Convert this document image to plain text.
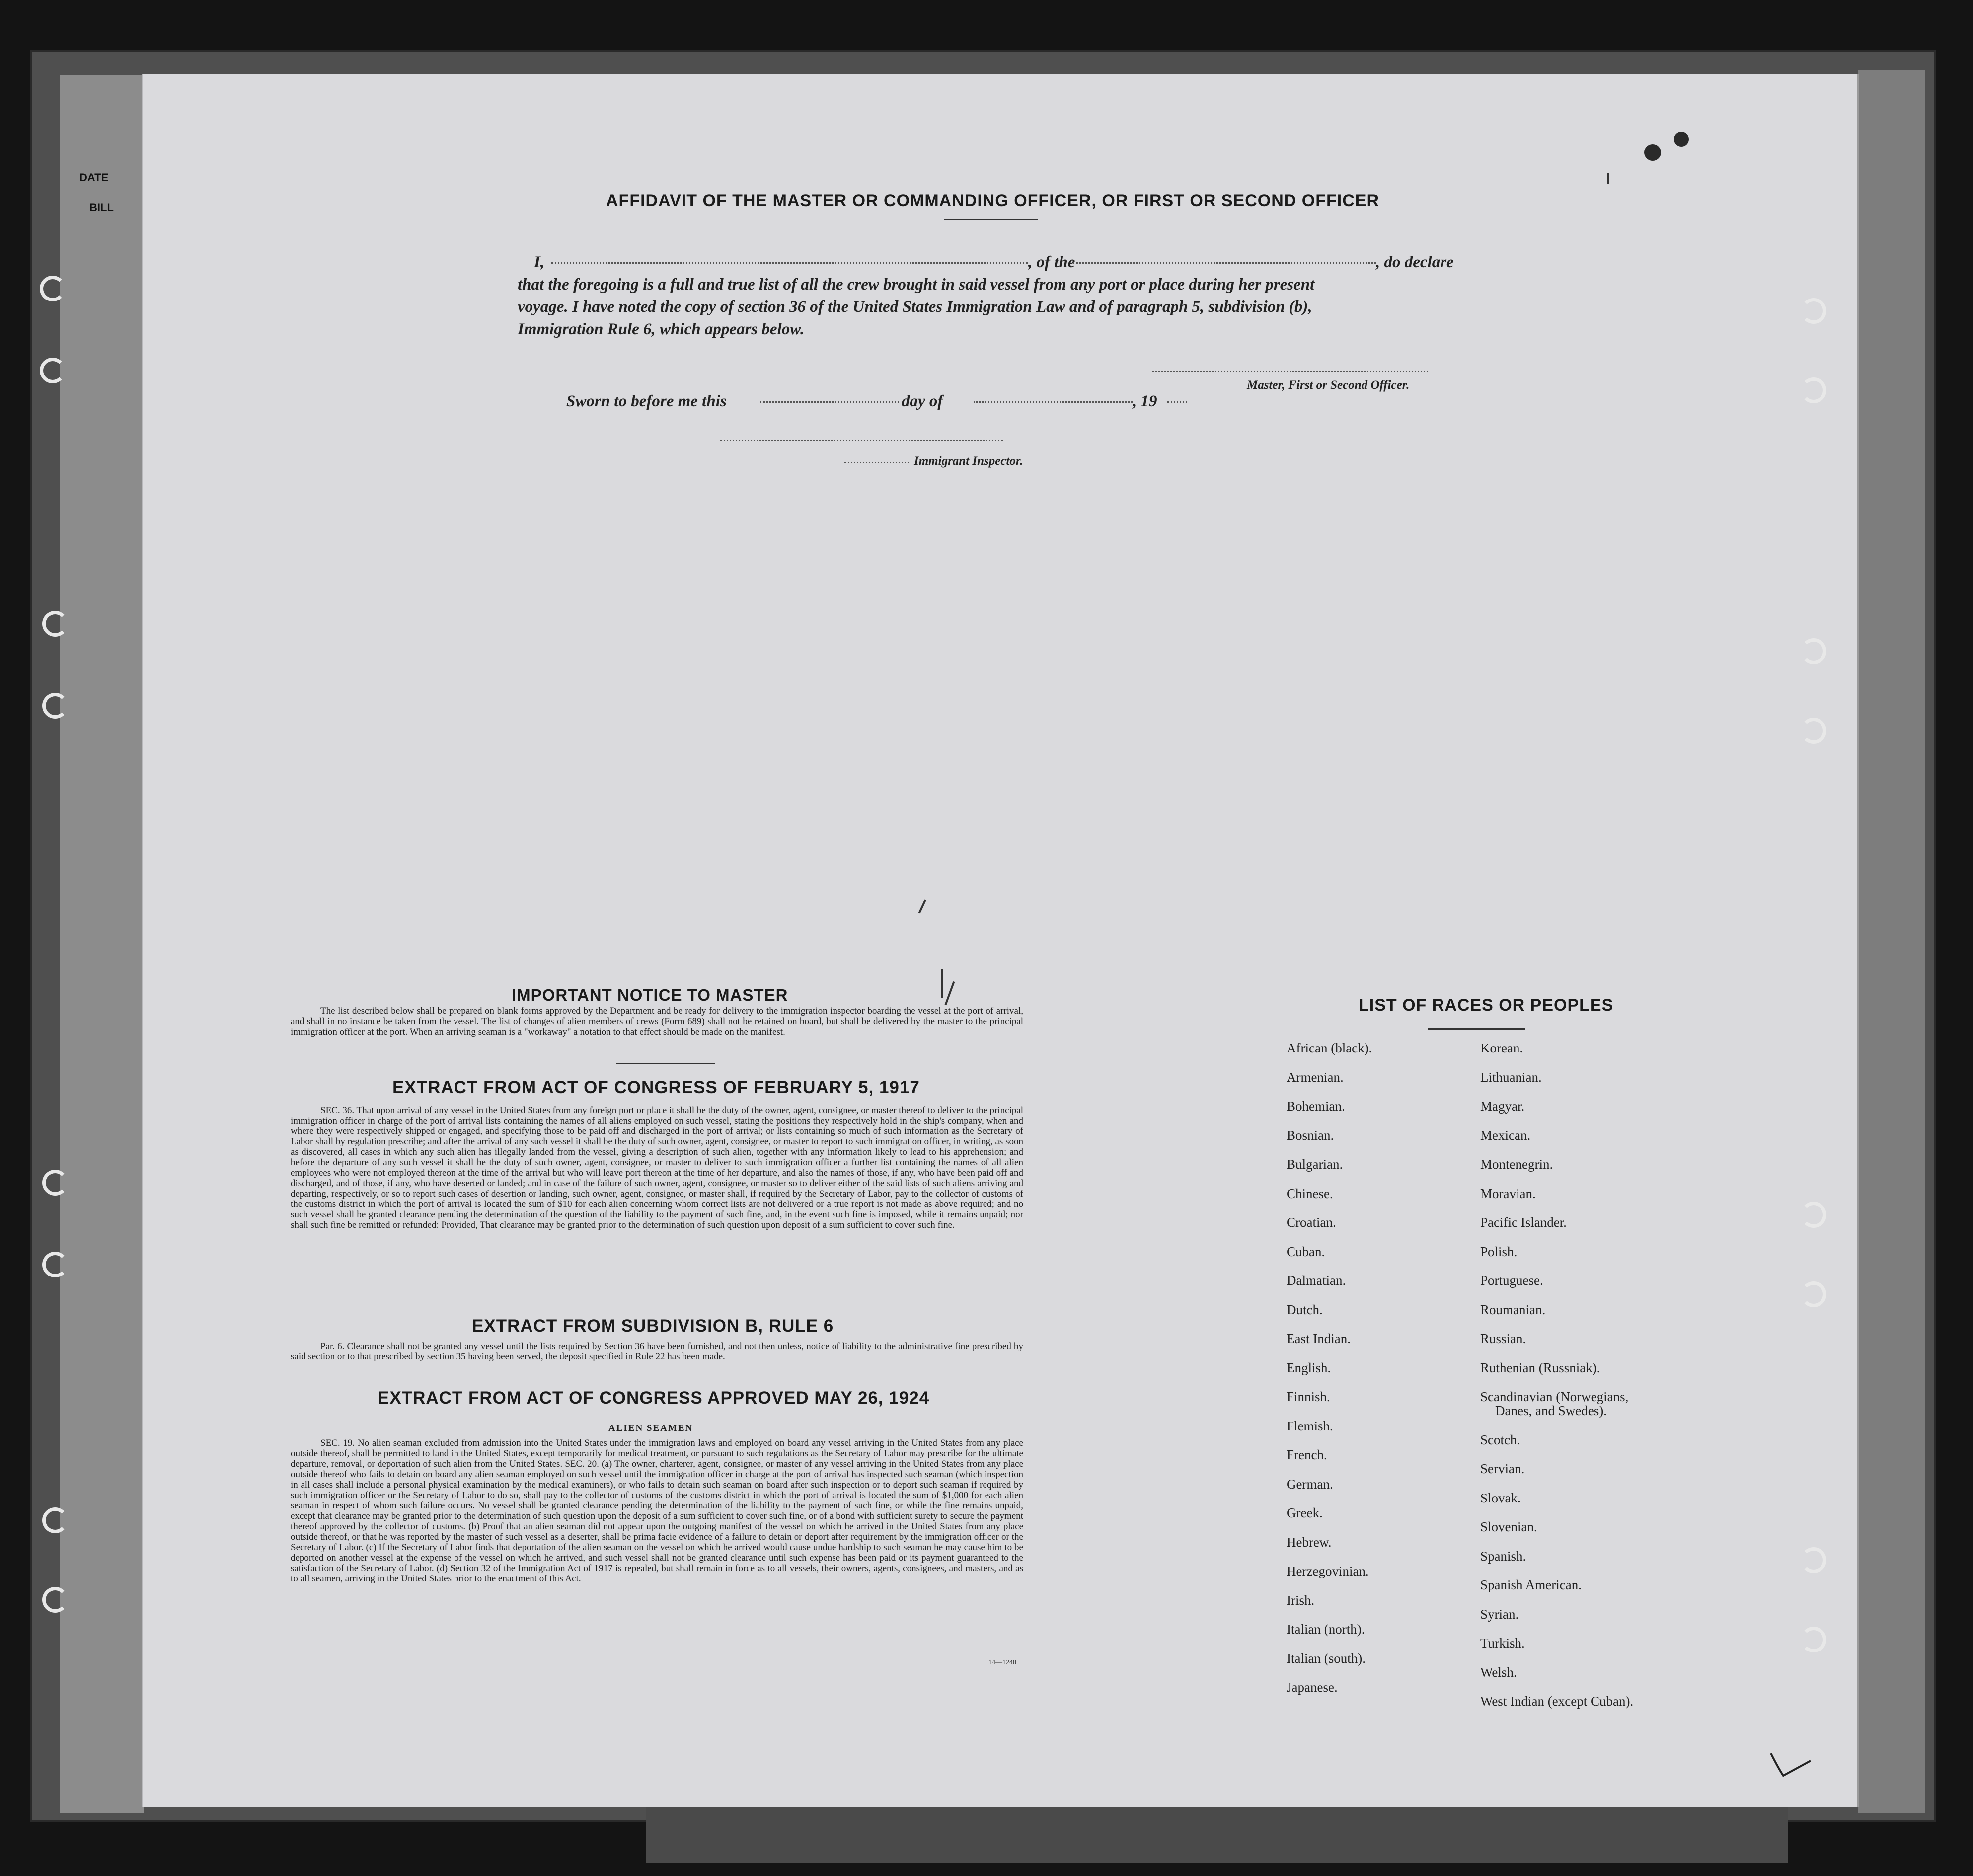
DATE
BILL	AFFIDAVIT OF THE MASTER OR COMMANDING OFFICER, OR FIRST OR SECOND OFFICER
I,	, of the	, do declare
that the foregoing is a full and true list of all the crew brought in said vessel from any port or place during her present
voyage. I have noted the copy of section 36 of the United States Immigration Law and of paragraph 5, subdivision (b),
Immigration Rule 6, which appears below.
Master, First or Second Officer.
Sworn to before me this	day of	, 19
Immigrant Inspector.
IMPORTANT NOTICE TO MASTER
The list described below shall be prepared on blank forms approved by the Department and be ready for delivery to the immigration inspector boarding the vessel at the port of arrival, and shall in no instance be taken from the vessel. The list of changes of alien members of crews (Form 689) shall not be retained on board, but shall be delivered by the master to the principal immigration officer at the port. When an arriving seaman is a "workaway" a notation to that effect should be made on the manifest.
EXTRACT FROM ACT OF CONGRESS OF FEBRUARY 5, 1917
SEC. 36. That upon arrival of any vessel in the United States from any foreign port or place it shall be the duty of the owner, agent, consignee, or master thereof to deliver to the principal immigration officer in charge of the port of arrival lists containing the names of all aliens employed on such vessel, stating the positions they respectively hold in the ship's company, when and where they were respectively shipped or engaged, and specifying those to be paid off and discharged in the port of arrival; or lists containing so much of such information as the Secretary of Labor shall by regulation prescribe; and after the arrival of any such vessel it shall be the duty of such owner, agent, consignee, or master to report to such immigration officer, in writing, as soon as discovered, all cases in which any such alien has illegally landed from the vessel, giving a description of such alien, together with any information likely to lead to his apprehension; and before the departure of any such vessel it shall be the duty of such owner, agent, consignee, or master to deliver to such immigration officer a further list containing the names of all alien employees who were not employed thereon at the time of the arrival but who will leave port thereon at the time of her departure, and also the names of those, if any, who have been paid off and discharged, and of those, if any, who have deserted or landed; and in case of the failure of such owner, agent, consignee, or master so to deliver either of the said lists of such aliens arriving and departing, respectively, or so to report such cases of desertion or landing, such owner, agent, consignee, or master shall, if required by the Secretary of Labor, pay to the collector of customs of the customs district in which the port of arrival is located the sum of $10 for each alien concerning whom correct lists are not delivered or a true report is not made as above required; and no such vessel shall be granted clearance pending the determination of the question of the liability to the payment of such fine, and, in the event such fine is imposed, while it remains unpaid; nor shall such fine be remitted or refunded: Provided, That clearance may be granted prior to the determination of such question upon deposit of a sum sufficient to cover such fine.
EXTRACT FROM SUBDIVISION B, RULE 6
Par. 6. Clearance shall not be granted any vessel until the lists required by Section 36 have been furnished, and not then unless, notice of liability to the administrative fine prescribed by said section or to that prescribed by section 35 having been served, the deposit specified in Rule 22 has been made.
EXTRACT FROM ACT OF CONGRESS APPROVED MAY 26, 1924
ALIEN SEAMEN
SEC. 19. No alien seaman excluded from admission into the United States under the immigration laws and employed on board any vessel arriving in the United States from any place outside thereof, shall be permitted to land in the United States, except temporarily for medical treatment, or pursuant to such regulations as the Secretary of Labor may prescribe for the ultimate departure, removal, or deportation of such alien from the United States. SEC. 20. (a) The owner, charterer, agent, consignee, or master of any vessel arriving in the United States from any place outside thereof who fails to detain on board any alien seaman employed on such vessel until the immigration officer in charge at the port of arrival has inspected such seaman (which inspection in all cases shall include a personal physical examination by the medical examiners), or who fails to detain such seaman on board after such inspection or to deport such seaman if required by such immigration officer or the Secretary of Labor to do so, shall pay to the collector of customs of the customs district in which the port of arrival is located the sum of $1,000 for each alien seaman in respect of whom such failure occurs. No vessel shall be granted clearance pending the determination of the liability to the payment of such fine, or while the fine remains unpaid, except that clearance may be granted prior to the determination of such question upon the deposit of a sum sufficient to cover such fine, or of a bond with sufficient surety to secure the payment thereof approved by the collector of customs. (b) Proof that an alien seaman did not appear upon the outgoing manifest of the vessel on which he arrived in the United States from any place outside thereof, or that he was reported by the master of such vessel as a deserter, shall be prima facie evidence of a failure to detain or deport after requirement by the immigration officer or the Secretary of Labor. (c) If the Secretary of Labor finds that deportation of the alien seaman on the vessel on which he arrived would cause undue hardship to such seaman he may cause him to be deported on another vessel at the expense of the vessel on which he arrived, and such vessel shall not be granted clearance until such expense has been paid or its payment guaranteed to the satisfaction of the Secretary of Labor. (d) Section 32 of the Immigration Act of 1917 is repealed, but shall remain in force as to all vessels, their owners, agents, consignees, and masters, and as to all seamen, arriving in the United States prior to the enactment of this Act.
14—1240
LIST OF RACES OR PEOPLES
African (black).
Armenian.
Bohemian.
Bosnian.
Bulgarian.
Chinese.
Croatian.
Cuban.
Dalmatian.
Dutch.
East Indian.
English.
Finnish.
Flemish.
French.
German.
Greek.
Hebrew.
Herzegovinian.
Irish.
Italian (north).
Italian (south).
Japanese.
Korean.
Lithuanian.
Magyar.
Mexican.
Montenegrin.
Moravian.
Pacific Islander.
Polish.
Portuguese.
Roumanian.
Russian.
Ruthenian (Russniak).
Scandinavian (Norwegians,
Danes, and Swedes).
Scotch.
Servian.
Slovak.
Slovenian.
Spanish.
Spanish American.
Syrian.
Turkish.
Welsh.
West Indian (except Cuban).
